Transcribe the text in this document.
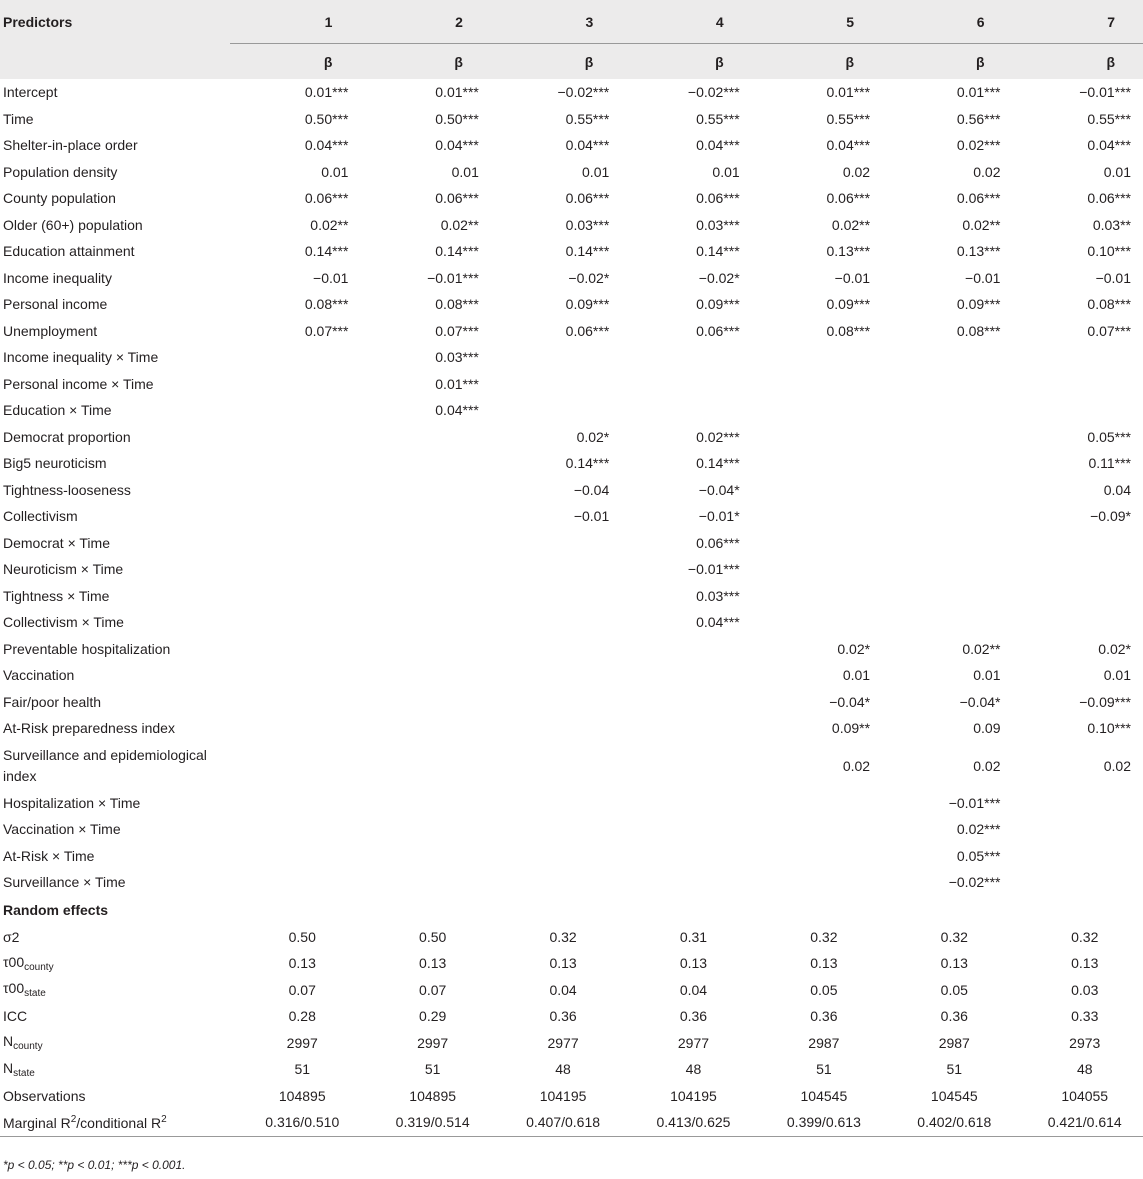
Predictors	1	2	3	4	5	6	7
	β	β	β	β	β	β	β
Intercept	0.01***	0.01***	−0.02***	−0.02***	0.01***	0.01***	−0.01***
Time	0.50***	0.50***	0.55***	0.55***	0.55***	0.56***	0.55***
Shelter-in-place order	0.04***	0.04***	0.04***	0.04***	0.04***	0.02***	0.04***
Population density	0.01	0.01	0.01	0.01	0.02	0.02	0.01
County population	0.06***	0.06***	0.06***	0.06***	0.06***	0.06***	0.06***
Older (60+) population	0.02**	0.02**	0.03***	0.03***	0.02**	0.02**	0.03**
Education attainment	0.14***	0.14***	0.14***	0.14***	0.13***	0.13***	0.10***
Income inequality	−0.01	−0.01***	−0.02*	−0.02*	−0.01	−0.01	−0.01
Personal income	0.08***	0.08***	0.09***	0.09***	0.09***	0.09***	0.08***
Unemployment	0.07***	0.07***	0.06***	0.06***	0.08***	0.08***	0.07***
Income inequality × Time		0.03***					
Personal income × Time		0.01***					
Education × Time		0.04***					
Democrat proportion			0.02*	0.02***			0.05***
Big5 neuroticism			0.14***	0.14***			0.11***
Tightness-looseness			−0.04	−0.04*			0.04
Collectivism			−0.01	−0.01*			−0.09*
Democrat × Time				0.06***			
Neuroticism × Time				−0.01***			
Tightness × Time				0.03***			
Collectivism × Time				0.04***			
Preventable hospitalization					0.02*	0.02**	0.02*
Vaccination					0.01	0.01	0.01
Fair/poor health					−0.04*	−0.04*	−0.09***
At-Risk preparedness index					0.09**	0.09	0.10***
Surveillance and epidemiological index					0.02	0.02	0.02
Hospitalization × Time						−0.01***	
Vaccination × Time						0.02***	
At-Risk × Time						0.05***	
Surveillance × Time						−0.02***	
Random effects							
σ2	0.50	0.50	0.32	0.31	0.32	0.32	0.32
$\tau 00_{county}$	0.13	0.13	0.13	0.13	0.13	0.13	0.13
$\tau 00_{state}$	0.07	0.07	0.04	0.04	0.05	0.05	0.03
ICC	0.28	0.29	0.36	0.36	0.36	0.36	0.33
$N_{county}$	2997	2997	2977	2977	2987	2987	2973
$N_{state}$	51	51	48	48	51	51	48
Observations	104895	104895	104195	104195	104545	104545	104055
Marginal $R^2$/conditional $R^2$	0.316/0.510	0.319/0.514	0.407/0.618	0.413/0.625	0.399/0.613	0.402/0.618	0.421/0.614
*p < 0.05; **p < 0.01; ***p < 0.001.
